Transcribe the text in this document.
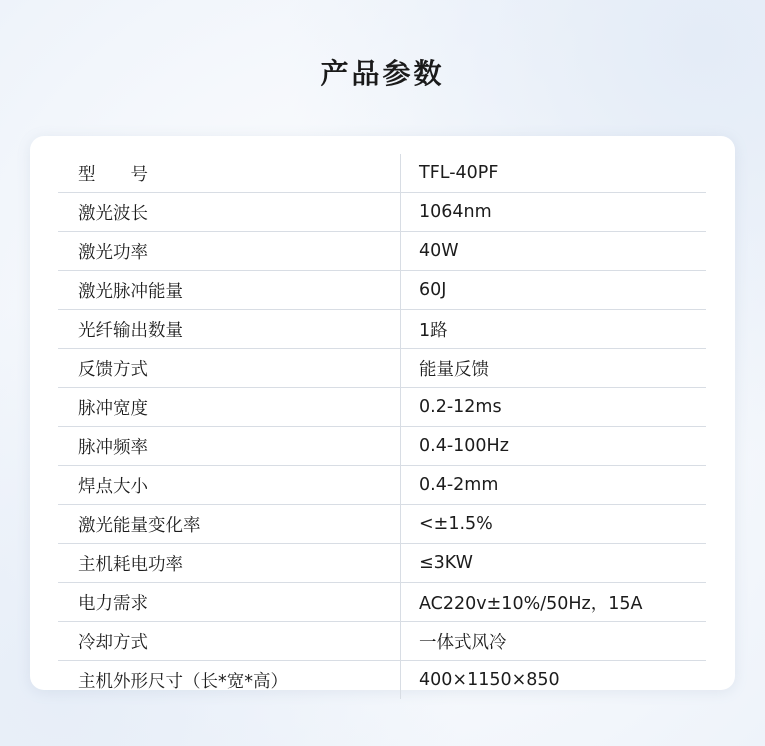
产品参数
型　　号	TFL-40PF
激光波长	1064nm
激光功率	40W
激光脉冲能量	60J
光纤输出数量	1路
反馈方式	能量反馈
脉冲宽度	0.2-12ms
脉冲频率	0.4-100Hz
焊点大小	0.4-2mm
激光能量变化率	<±1.5%
主机耗电功率	≤3KW
电力需求	AC220v±10%/50Hz，15A
冷却方式	一体式风冷
主机外形尺寸（长*宽*高）	400×1150×850
